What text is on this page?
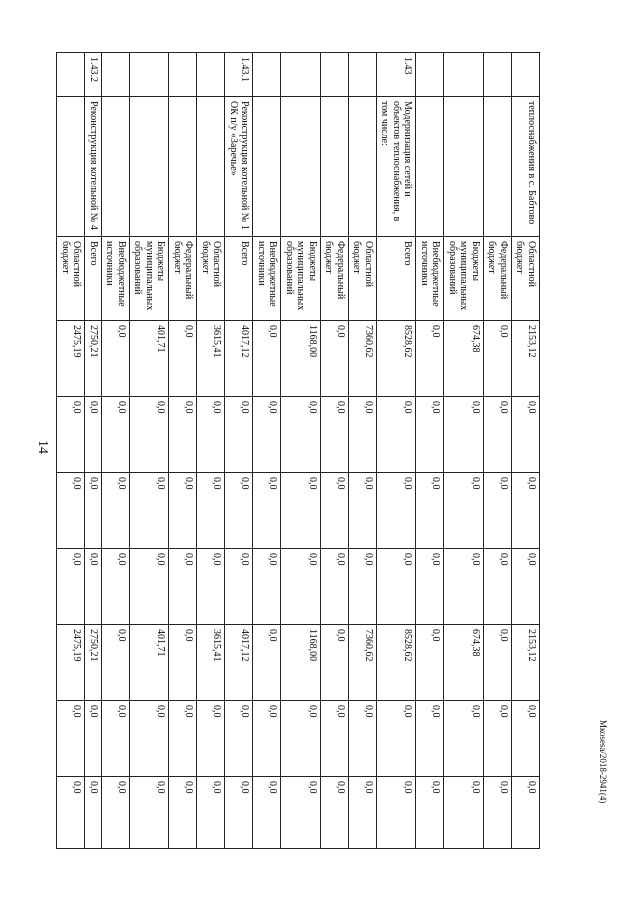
14
	теплоснабжения в с. Бабтово	Областной бюджет	2153,12	0,0	0,0	0,0	2153,12	0,0	0,0
		Федеральный бюджет	0,0	0,0	0,0	0,0	0,0	0,0	0,0
		Бюджеты муниципальных образований	674,38	0,0	0,0	0,0	674,38	0,0	0,0
		Внебюджетные источники	0,0	0,0	0,0	0,0	0,0	0,0	0,0
1.43	Модернизация сетей и объектов теплоснабжения, в том числе:	Всего	8528,62	0,0	0,0	0,0	8528,62	0,0	0,0
		Областной бюджет	7360,62	0,0	0,0	0,0	7360,62	0,0	0,0
		Федеральный бюджет	0,0	0,0	0,0	0,0	0,0	0,0	0,0
		Бюджеты муниципальных образований	1168,00	0,0	0,0	0,0	1168,00	0,0	0,0
		Внебюджетные источники	0,0	0,0	0,0	0,0	0,0	0,0	0,0
1.43.1	Реконструкция котельной № 1 ОК п/у «Заречье»	Всего	4017,12	0,0	0,0	0,0	4017,12	0,0	0,0
		Областной бюджет	3615,41	0,0	0,0	0,0	3615,41	0,0	0,0
		Федеральный бюджет	0,0	0,0	0,0	0,0	0,0	0,0	0,0
		Бюджеты муниципальных образований	401,71	0,0	0,0	0,0	401,71	0,0	0,0
		Внебюджетные источники	0,0	0,0	0,0	0,0	0,0	0,0	0,0
1.43.2	Реконструкция котельной № 4	Всего	2750,21	0,0	0,0	0,0	2750,21	0,0	0,0
		Областной бюджет	2475,19	0,0	0,0	0,0	2475,19	0,0	0,0	Мкоsesa/2018-2941(4)
